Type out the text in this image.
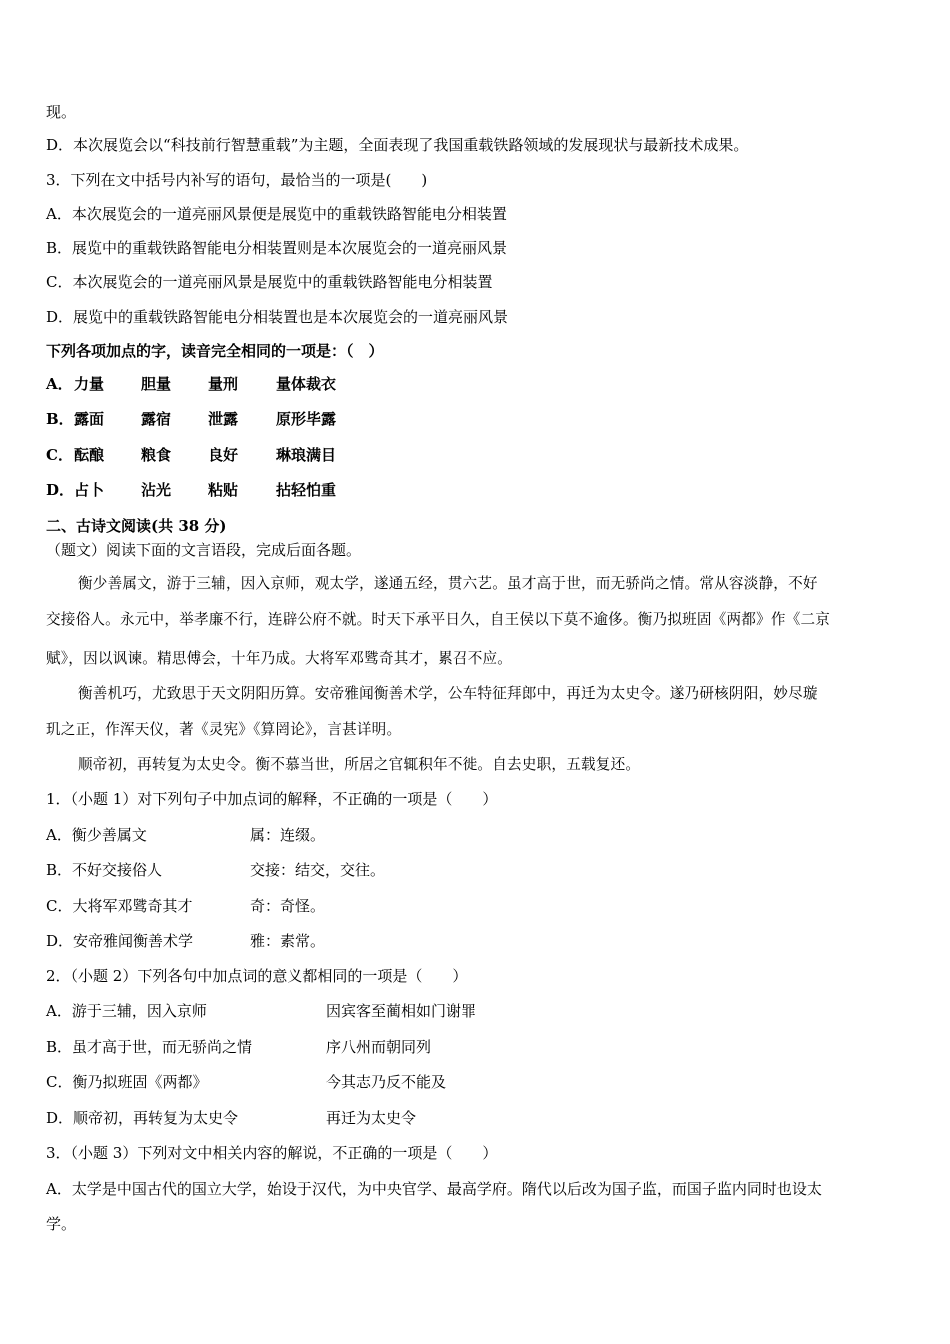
现。
D．本次展览会以“科技前行智慧重载”为主题，全面表现了我国重载铁路领域的发展现状与最新技术成果。
3．下列在文中括号内补写的语句，最恰当的一项是(　　)
A．本次展览会的一道亮丽风景便是展览中的重载铁路智能电分相装置
B．展览中的重载铁路智能电分相装置则是本次展览会的一道亮丽风景
C．本次展览会的一道亮丽风景是展览中的重载铁路智能电分相装置
D．展览中的重载铁路智能电分相装置也是本次展览会的一道亮丽风景
下列各项加点的字，读音完全相同的一项是：（　）
A． 力量 胆量 量刑	量体裁衣
B． 露面 露宿 泄露	原形毕露
C． 酝酿 粮食 良好	琳琅满目
D． 占卜 沾光 粘贴	拈轻怕重
二、古诗文阅读(共 38 分)
（题文）阅读下面的文言语段，完成后面各题。
衡少善属文，游于三辅，因入京师，观太学，遂通五经，贯六艺。虽才高于世，而无骄尚之情。常从容淡静，不好
交接俗人。永元中，举孝廉不行，连辟公府不就。时天下承平日久，自王侯以下莫不逾侈。衡乃拟班固《两都》作《二京
赋》，因以讽谏。精思傅会，十年乃成。大将军邓骘奇其才，累召不应。
衡善机巧，尤致思于天文阴阳历算。安帝雅闻衡善术学，公车特征拜郎中，再迁为太史令。遂乃研核阴阳，妙尽璇
玑之正，作浑天仪，著《灵宪》《算罔论》，言甚详明。
顺帝初，再转复为太史令。衡不慕当世，所居之官辄积年不徙。自去史职，五载复还。
1．（小题 1）对下列句子中加点词的解释，不正确的一项是（　　）
A．衡少善属文	属：连缀。
B．不好交接俗人	交接：结交，交往。
C．大将军邓骘奇其才	奇：奇怪。
D．安帝雅闻衡善术学	雅：素常。
2．（小题 2）下列各句中加点词的意义都相同的一项是（　　）
A．游于三辅，因入京师	因宾客至蔺相如门谢罪
B．虽才高于世，而无骄尚之情	序八州而朝同列
C．衡乃拟班固《两都》	今其志乃反不能及
D．顺帝初，再转复为太史令	再迁为太史令
3．（小题 3）下列对文中相关内容的解说，不正确的一项是（　　）
A．太学是中国古代的国立大学，始设于汉代，为中央官学、最高学府。隋代以后改为国子监，而国子监内同时也设太
学。
